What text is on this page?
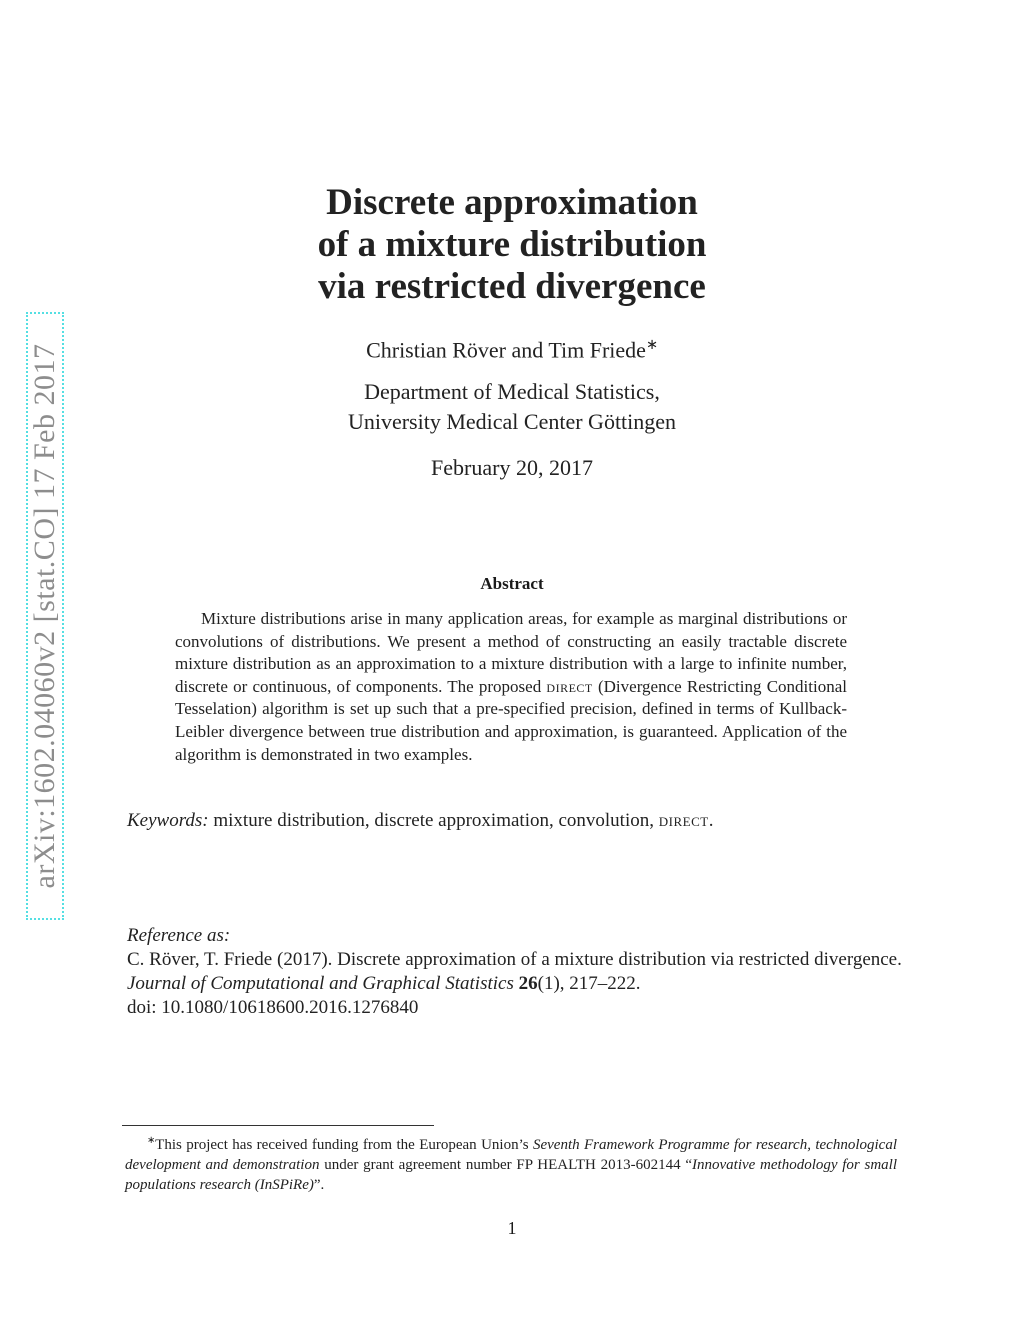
arXiv:1602.04060v2 [stat.CO] 17 Feb 2017
Discrete approximation
of a mixture distribution
via restricted divergence
Christian Röver and Tim Friede∗
Department of Medical Statistics,
University Medical Center Göttingen
February 20, 2017
Abstract
Mixture distributions arise in many application areas, for example as marginal distributions or convolutions of distributions. We present a method of constructing an easily tractable discrete mixture distribution as an approximation to a mixture distribution with a large to infinite number, discrete or continuous, of components. The proposed direct (Divergence Restricting Conditional Tesselation) algorithm is set up such that a pre-specified precision, defined in terms of Kullback-Leibler divergence between true distribution and approximation, is guaranteed. Application of the algorithm is demonstrated in two examples.
Keywords: mixture distribution, discrete approximation, convolution, direct.
Reference as:
C. Röver, T. Friede (2017). Discrete approximation of a mixture distribution via restricted divergence. Journal of Computational and Graphical Statistics 26(1), 217–222.
doi: 10.1080/10618600.2016.1276840
∗This project has received funding from the European Union’s Seventh Framework Programme for research, technological development and demonstration under grant agreement number FP HEALTH 2013-602144 “Innovative methodology for small populations research (InSPiRe)”.
1
